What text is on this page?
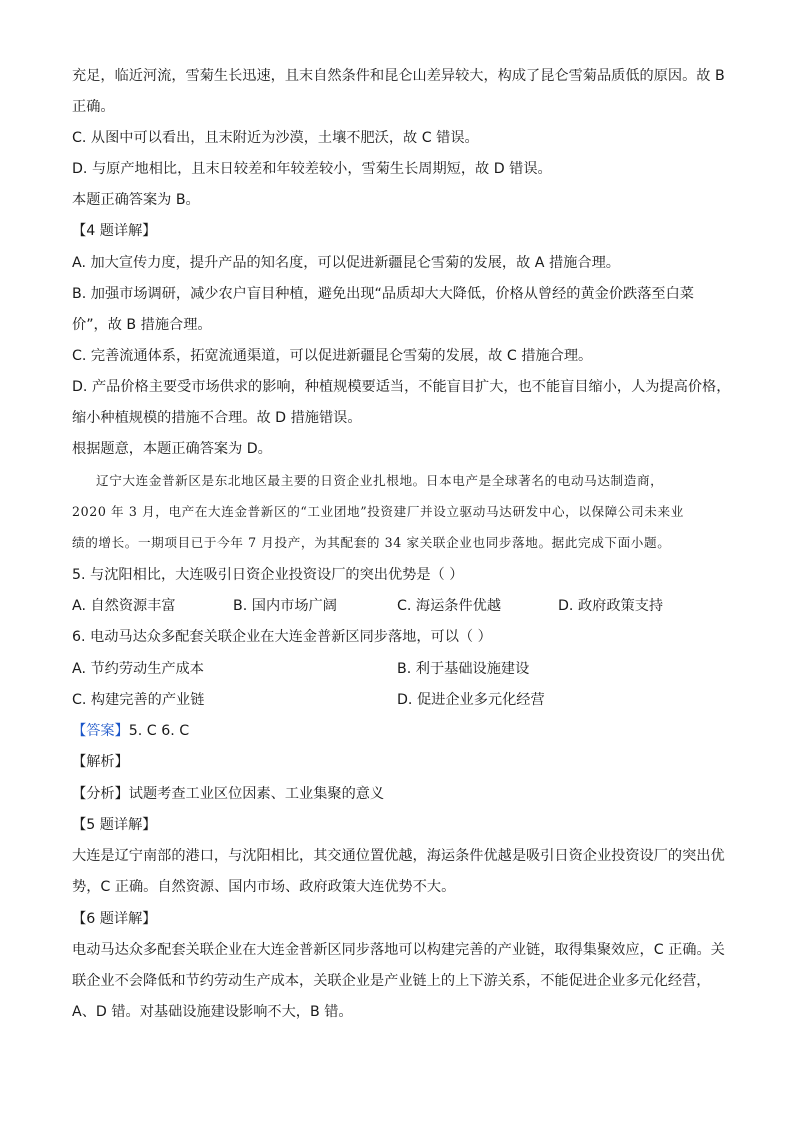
充足，临近河流，雪菊生长迅速，且末自然条件和昆仑山差异较大，构成了昆仑雪菊品质低的原因。故 B
正确。
C. 从图中可以看出，且末附近为沙漠，土壤不肥沃，故 C 错误。
D. 与原产地相比，且末日较差和年较差较小，雪菊生长周期短，故 D 错误。
本题正确答案为 B。
【4 题详解】
A. 加大宣传力度，提升产品的知名度，可以促进新疆昆仑雪菊的发展，故 A 措施合理。
B. 加强市场调研，减少农户盲目种植，避免出现“品质却大大降低，价格从曾经的黄金价跌落至白菜
价”，故 B 措施合理。
C. 完善流通体系，拓宽流通渠道，可以促进新疆昆仑雪菊的发展，故 C 措施合理。
D. 产品价格主要受市场供求的影响，种植规模要适当，不能盲目扩大，也不能盲目缩小，人为提高价格，
缩小种植规模的措施不合理。故 D 措施错误。
根据题意，本题正确答案为 D。
辽宁大连金普新区是东北地区最主要的日资企业扎根地。日本电产是全球著名的电动马达制造商，
2020 年 3 月，电产在大连金普新区的“工业团地”投资建厂并设立驱动马达研发中心，以保障公司未来业
绩的增长。一期项目已于今年 7 月投产，为其配套的 34 家关联企业也同步落地。据此完成下面小题。
5. 与沈阳相比，大连吸引日资企业投资设厂的突出优势是（ ）
A. 自然资源丰富	B. 国内市场广阔	C. 海运条件优越	D. 政府政策支持
6. 电动马达众多配套关联企业在大连金普新区同步落地，可以（ ）
A. 节约劳动生产成本	B. 利于基础设施建设
C. 构建完善的产业链	D. 促进企业多元化经营
【答案】5. C 6. C
【解析】
【分析】试题考查工业区位因素、工业集聚的意义
【5 题详解】
大连是辽宁南部的港口，与沈阳相比，其交通位置优越，海运条件优越是吸引日资企业投资设厂的突出优
势，C 正确。自然资源、国内市场、政府政策大连优势不大。
【6 题详解】
电动马达众多配套关联企业在大连金普新区同步落地可以构建完善的产业链，取得集聚效应，C 正确。关
联企业不会降低和节约劳动生产成本，关联企业是产业链上的上下游关系，不能促进企业多元化经营，
A、D 错。对基础设施建设影响不大，B 错。
